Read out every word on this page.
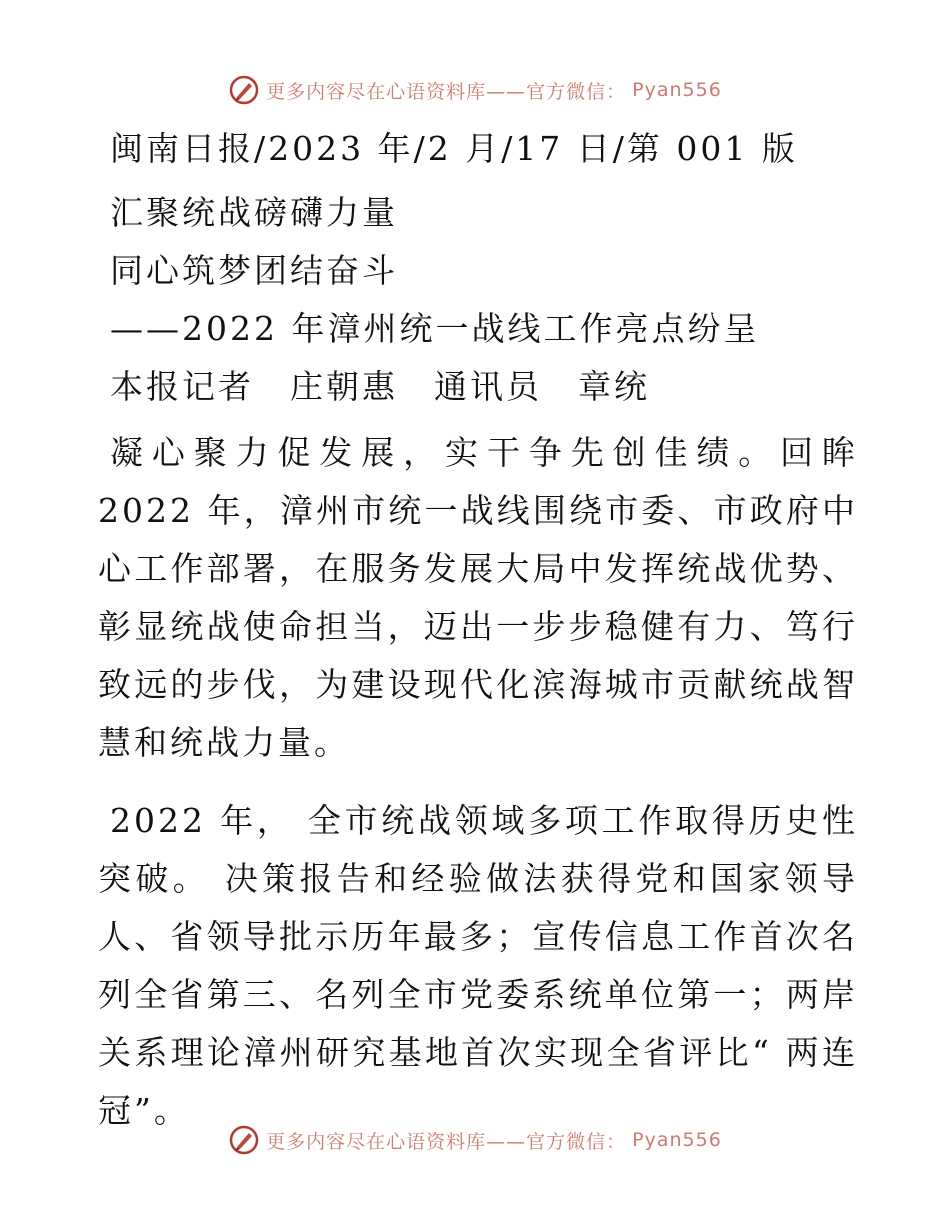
更多内容尽在心语资料库——官方微信： Pyan556
闽南日报/2023 年/2 月/17 日/第 001 版
汇聚统战磅礴力量
同心筑梦团结奋斗
——2022 年漳州统一战线工作亮点纷呈
本报记者　庄朝惠　通讯员　章统

凝心聚力促发展，实干争先创佳绩。回眸 2022 年，漳州市统一战线围绕市委、市政府中心工作部署，在服务发展大局中发挥统战优势、彰显统战使命担当，迈出一步步稳健有力、笃行致远的步伐，为建设现代化滨海城市贡献统战智慧和统战力量。

2022 年， 全市统战领域多项工作取得历史性突破。 决策报告和经验做法获得党和国家领导人、省领导批示历年最多；宣传信息工作首次名列全省第三、名列全市党委系统单位第一；两岸关系理论漳州研究基地首次实现全省评比“ 两连冠”。

更多内容尽在心语资料库——官方微信： Pyan556
